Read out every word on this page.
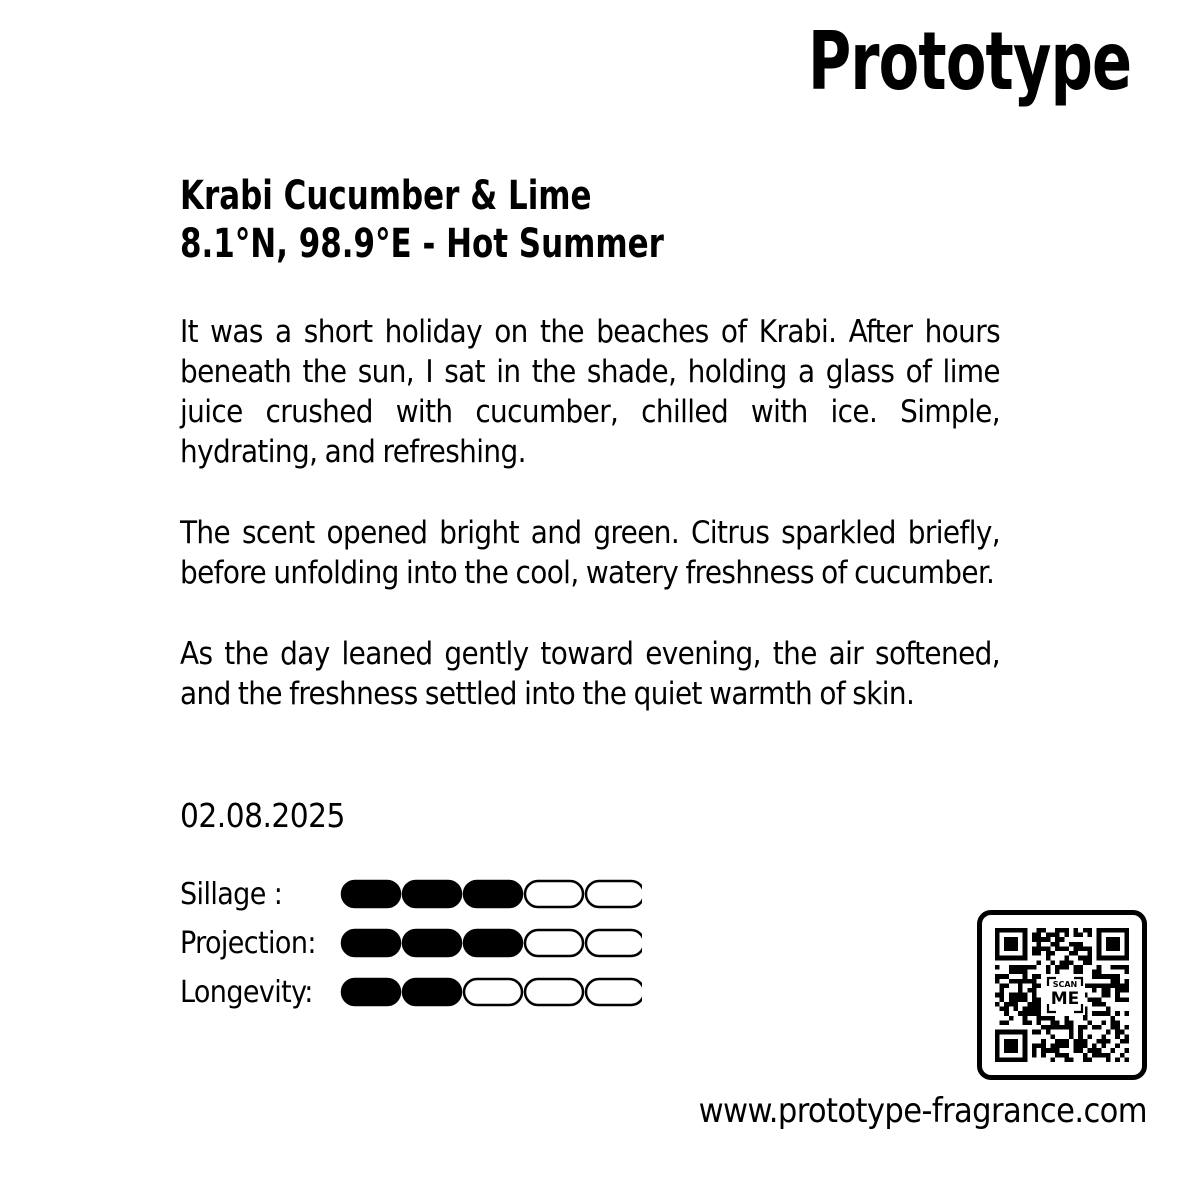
Prototype
Krabi Cucumber & Lime
8.1°N, 98.9°E - Hot Summer

It was a short holiday on the beaches of Krabi. After hours beneath the sun, I sat in the shade, holding a glass of lime juice crushed with cucumber, chilled with ice. Simple, hydrating, and refreshing.

The scent opened bright and green. Citrus sparkled briefly, before unfolding into the cool, watery freshness of cucumber.

As the day leaned gently toward evening, the air softened, and the freshness settled into the quiet warmth of skin.

02.08.2025
Sillage :
Projection:
Longevity:	SCAN
ME
www.prototype-fragrance.com
